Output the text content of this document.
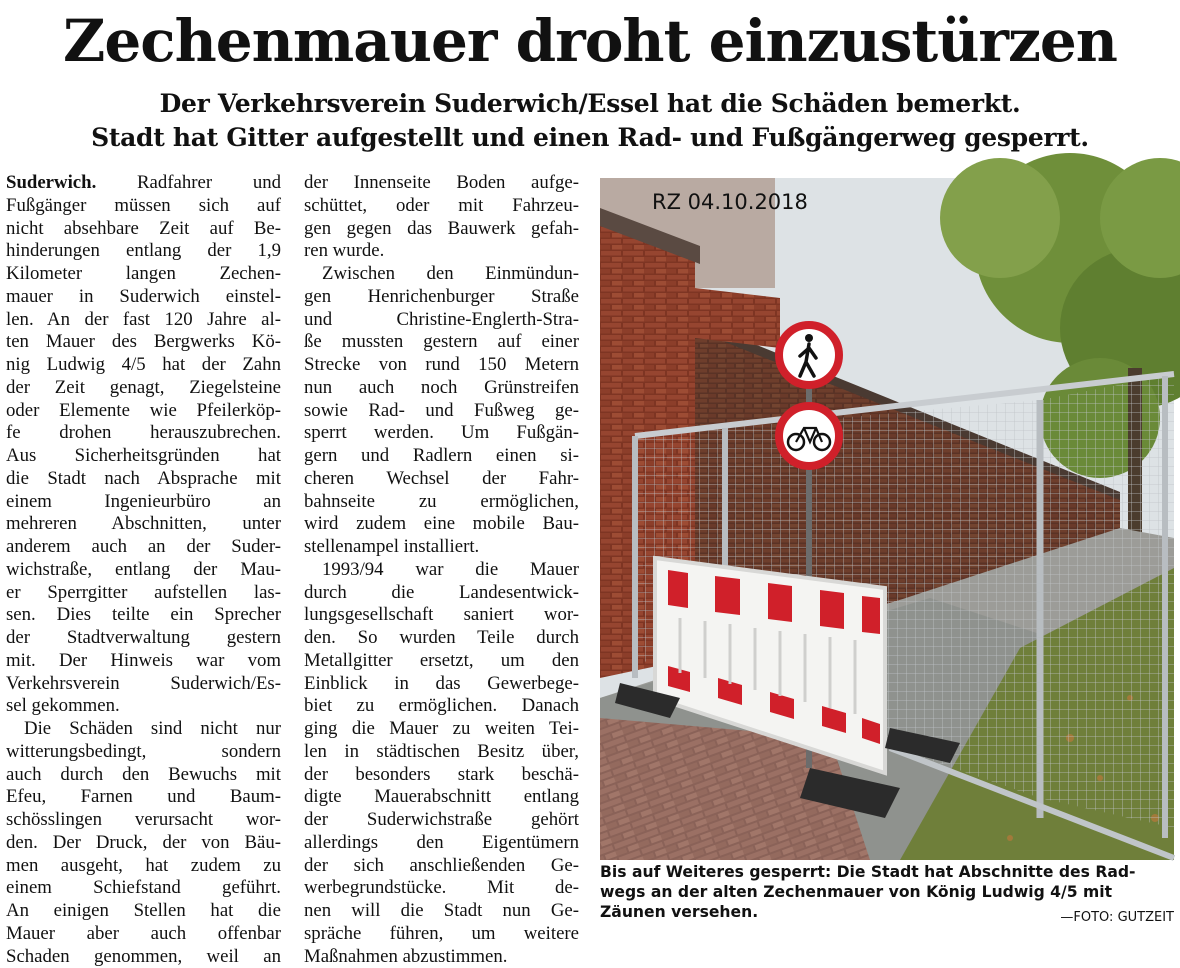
Zechenmauer droht einzustürzen
Der Verkehrsverein Suderwich/Essel hat die Schäden bemerkt.
Stadt hat Gitter aufgestellt und einen Rad- und Fußgängerweg gesperrt.
Suderwich. Radfahrer und
Fußgänger müssen sich auf
nicht absehbare Zeit auf Be-
hinderungen entlang der 1,9
Kilometer langen Zechen-
mauer in Suderwich einstel-
len. An der fast 120 Jahre al-
ten Mauer des Bergwerks Kö-
nig Ludwig 4/5 hat der Zahn
der Zeit genagt, Ziegelsteine
oder Elemente wie Pfeilerköp-
fe drohen herauszubrechen.
Aus Sicherheitsgründen hat
die Stadt nach Absprache mit
einem Ingenieurbüro an
mehreren Abschnitten, unter
anderem auch an der Suder-
wichstraße, entlang der Mau-
er Sperrgitter aufstellen las-
sen. Dies teilte ein Sprecher
der Stadtverwaltung gestern
mit. Der Hinweis war vom
Verkehrsverein Suderwich/Es-
sel gekommen.
Die Schäden sind nicht nur
witterungsbedingt, sondern
auch durch den Bewuchs mit
Efeu, Farnen und Baum-
schösslingen verursacht wor-
den. Der Druck, der von Bäu-
men ausgeht, hat zudem zu
einem Schiefstand geführt.
An einigen Stellen hat die
Mauer aber auch offenbar
Schaden genommen, weil an
der Innenseite Boden aufge-
schüttet, oder mit Fahrzeu-
gen gegen das Bauwerk gefah-
ren wurde.
Zwischen den Einmündun-
gen Henrichenburger Straße
und Christine-Englerth-Stra-
ße mussten gestern auf einer
Strecke von rund 150 Metern
nun auch noch Grünstreifen
sowie Rad- und Fußweg ge-
sperrt werden. Um Fußgän-
gern und Radlern einen si-
cheren Wechsel der Fahr-
bahnseite zu ermöglichen,
wird zudem eine mobile Bau-
stellenampel installiert.
1993/94 war die Mauer
durch die Landesentwick-
lungsgesellschaft saniert wor-
den. So wurden Teile durch
Metallgitter ersetzt, um den
Einblick in das Gewerbege-
biet zu ermöglichen. Danach
ging die Mauer zu weiten Tei-
len in städtischen Besitz über,
der besonders stark beschä-
digte Mauerabschnitt entlang
der Suderwichstraße gehört
allerdings den Eigentümern
der sich anschließenden Ge-
werbegrundstücke. Mit de-
nen will die Stadt nun Ge-
spräche führen, um weitere
Maßnahmen abzustimmen.
RZ 04.10.2018
Bis auf Weiteres gesperrt: Die Stadt hat Abschnitte des Rad-
wegs an der alten Zechenmauer von König Ludwig 4/5 mit
Zäunen versehen.	—FOTO: GUTZEIT
